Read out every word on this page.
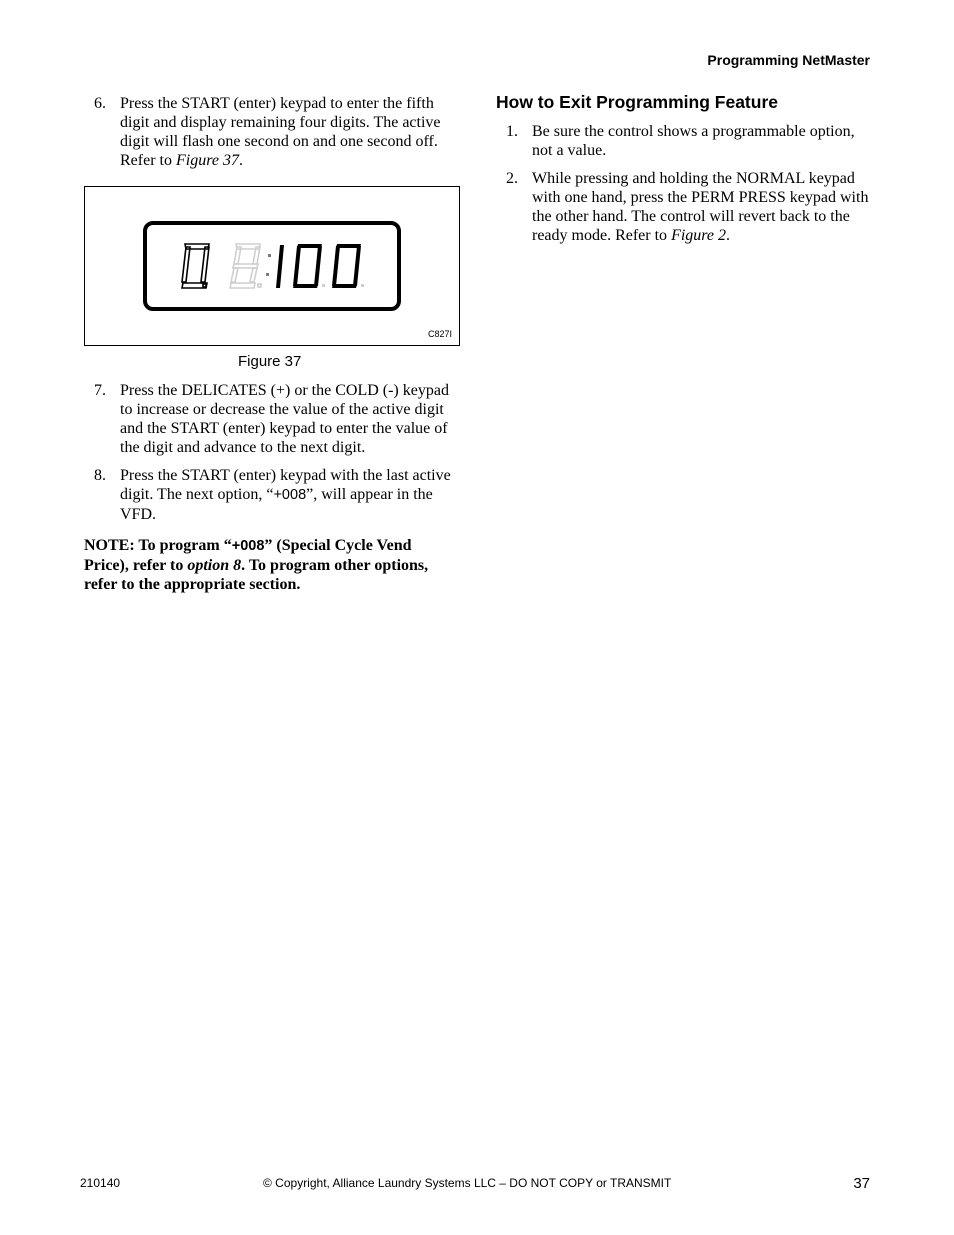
Programming NetMaster
6. Press the START (enter) keypad to enter the fifth digit and display remaining four digits. The active digit will flash one second on and one second off. Refer to Figure 37.
C827I
Figure 37
7. Press the DELICATES (+) or the COLD (-) keypad to increase or decrease the value of the active digit and the START (enter) keypad to enter the value of the digit and advance to the next digit.
8. Press the START (enter) keypad with the last active digit. The next option, “+008”, will appear in the VFD.
NOTE: To program “+008” (Special Cycle Vend Price), refer to option 8. To program other options, refer to the appropriate section.
How to Exit Programming Feature
1. Be sure the control shows a programmable option, not a value.
2. While pressing and holding the NORMAL keypad with one hand, press the PERM PRESS keypad with the other hand. The control will revert back to the ready mode. Refer to Figure 2.
210140	© Copyright, Alliance Laundry Systems LLC – DO NOT COPY or TRANSMIT	37
